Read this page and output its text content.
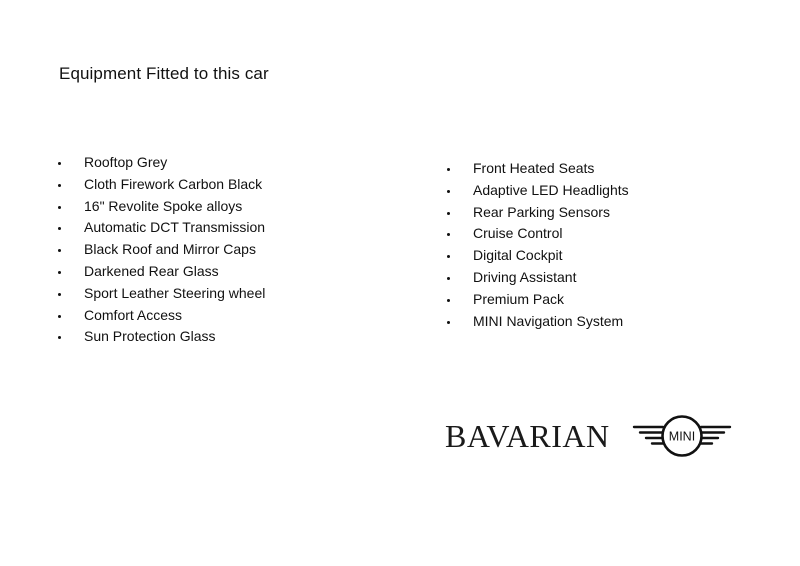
Equipment Fitted to this car
Rooftop Grey
Cloth Firework Carbon Black
16" Revolite Spoke alloys
Automatic DCT Transmission
Black Roof and Mirror Caps
Darkened Rear Glass
Sport Leather Steering wheel
Comfort Access
Sun Protection Glass
Front Heated Seats
Adaptive LED Headlights
Rear Parking Sensors
Cruise Control
Digital Cockpit
Driving Assistant
Premium Pack
MINI Navigation System
BAVARIAN	MINI
